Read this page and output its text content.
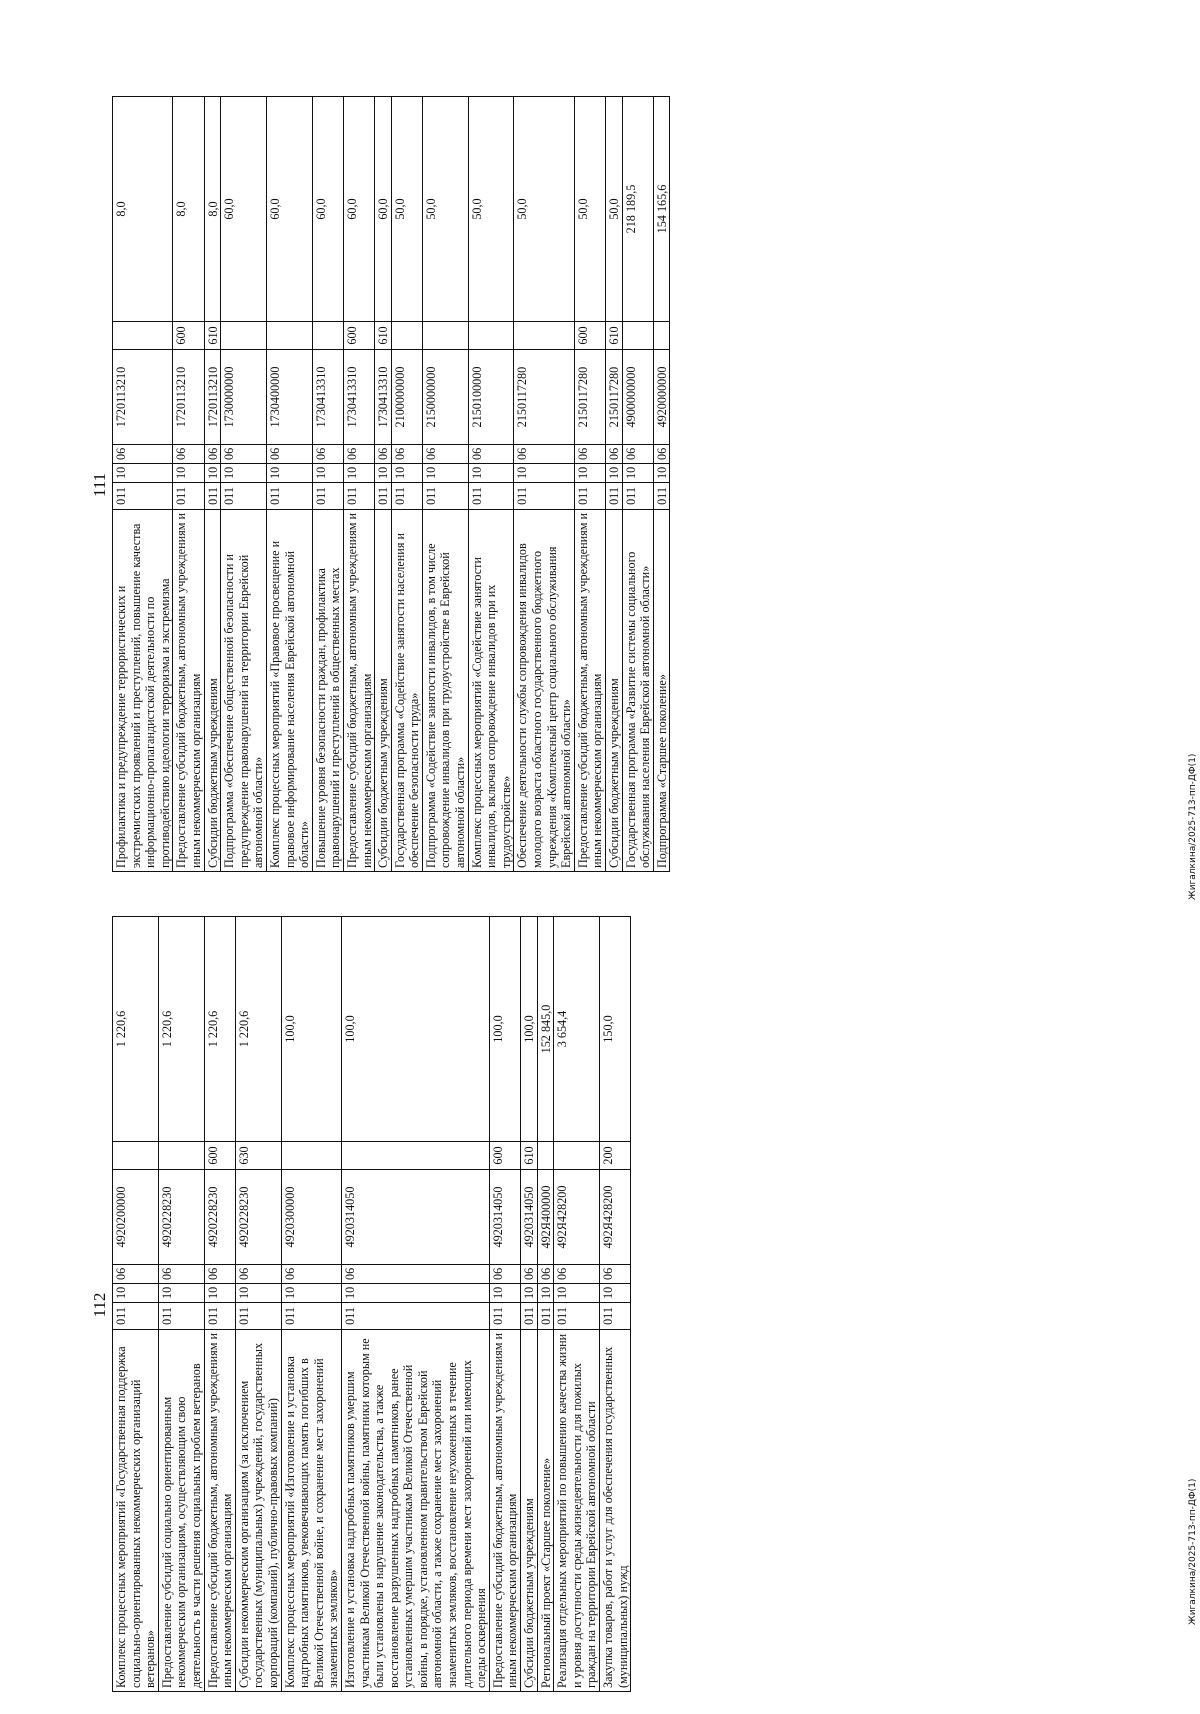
111
Профилактика и предупреждение террористических и экстремистских проявлений и преступлений, повышение качества информационно-пропагандистской деятельности по противодействию идеологии терроризма и экстремизма	011	10	06	1720113210		8,0
Предоставление субсидий бюджетным, автономным учреждениям и иным некоммерческим организациям	011	10	06	1720113210	600	8,0
Субсидии бюджетным учреждениям	011	10	06	1720113210	610	8,0
Подпрограмма «Обеспечение общественной безопасности и предупреждение правонарушений на территории Еврейской автономной области»	011	10	06	1730000000		60,0
Комплекс процессных мероприятий «Правовое просвещение и правовое информирование населения Еврейской автономной области»	011	10	06	1730400000		60,0
Повышение уровня безопасности граждан, профилактика правонарушений и преступлений в общественных местах	011	10	06	1730413310		60,0
Предоставление субсидий бюджетным, автономным учреждениям и иным некоммерческим организациям	011	10	06	1730413310	600	60,0
Субсидии бюджетным учреждениям	011	10	06	1730413310	610	60,0
Государственная программа «Содействие занятости населения и обеспечение безопасности труда»	011	10	06	2100000000		50,0
Подпрограмма «Содействие занятости инвалидов, в том числе сопровождение инвалидов при трудоустройстве в Еврейской автономной области»	011	10	06	2150000000		50,0
Комплекс процессных мероприятий «Содействие занятости инвалидов, включая сопровождение инвалидов при их трудоустройстве»	011	10	06	2150100000		50,0
Обеспечение деятельности службы сопровождения инвалидов молодого возраста областного государственного бюджетного учреждения «Комплексный центр социального обслуживания Еврейской автономной области»	011	10	06	2150117280		50,0
Предоставление субсидий бюджетным, автономным учреждениям и иным некоммерческим организациям	011	10	06	2150117280	600	50,0
Субсидии бюджетным учреждениям	011	10	06	2150117280	610	50,0
Государственная программа «Развитие системы социального обслуживания населения Еврейской автономной области»	011	10	06	4900000000		218 189,5
Подпрограмма «Старшее поколение»	011	10	06	4920000000		154 165,6
112
Комплекс процессных мероприятий «Государственная поддержка социально-ориентированных некоммерческих организаций ветеранов»	011	10	06	4920200000		1 220,6
Предоставление субсидий социально ориентированным некоммерческим организациям, осуществляющим свою деятельность в части решения социальных проблем ветеранов	011	10	06	4920228230		1 220,6
Предоставление субсидий бюджетным, автономным учреждениям и иным некоммерческим организациям	011	10	06	4920228230	600	1 220,6
Субсидии некоммерческим организациям (за исключением государственных (муниципальных) учреждений, государственных корпораций (компаний), публично-правовых компаний)	011	10	06	4920228230	630	1 220,6
Комплекс процессных мероприятий «Изготовление и установка надгробных памятников, увековечивающих память погибших в Великой Отечественной войне, и сохранение мест захоронений знаменитых земляков»	011	10	06	4920300000		100,0
Изготовление и установка надгробных памятников умершим участникам Великой Отечественной войны, памятники которым не были установлены в нарушение законодательства, а также восстановление разрушенных надгробных памятников, ранее установленных умершим участникам Великой Отечественной войны, в порядке, установленном правительством Еврейской автономной области, а также сохранение мест захоронений знаменитых земляков, восстановление неухоженных в течение длительного периода времени мест захоронений или имеющих следы осквернения	011	10	06	4920314050		100,0
Предоставление субсидий бюджетным, автономным учреждениям и иным некоммерческим организациям	011	10	06	4920314050	600	100,0
Субсидии бюджетным учреждениям	011	10	06	4920314050	610	100,0
Региональный проект «Старшее поколение»	011	10	06	492Я400000		152 845,0
Реализация отдельных мероприятий по повышению качества жизни и уровня доступности среды жизнедеятельности для пожилых граждан на территории Еврейской автономной области	011	10	06	492Я428200		3 654,4
Закупка товаров, работ и услуг для обеспечения государственных (муниципальных) нужд	011	10	06	492Я428200	200	150,0
Жигалкина/2025-713-пп-ДФ(1)
Жигалкина/2025-713-пп-ДФ(1)
